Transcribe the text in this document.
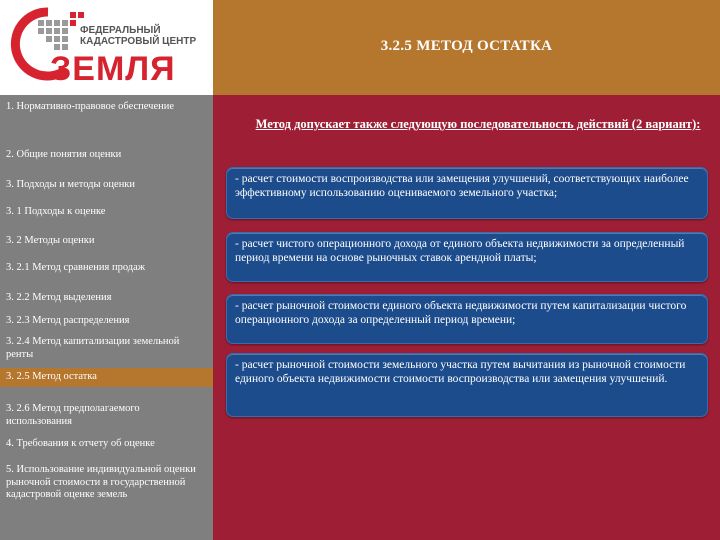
ФЕДЕРАЛЬНЫЙ
КАДАСТРОВЫЙ ЦЕНТР
ЗЕМЛЯ
3.2.5 МЕТОД ОСТАТКА
1. Нормативно-правовое обеспечение
2. Общие понятия оценки
3. Подходы и методы оценки
3. 1 Подходы к оценке
3. 2 Методы оценки
3. 2.1 Метод сравнения продаж
3. 2.2 Метод выделения
3. 2.3 Метод распределения
3. 2.4 Метод капитализации земельной ренты
3. 2.5 Метод остатка
3. 2.6 Метод предполагаемого использования
4. Требования к отчету об оценке
5. Использование индивидуальной оценки рыночной стоимости в государственной кадастровой оценке земель
Метод допускает также следующую последовательность действий (2 вариант):
- расчет стоимости воспроизводства или замещения улучшений, соответствующих наиболее эффективному использованию оцениваемого земельного участка;
- расчет чистого операционного дохода от единого объекта недвижимости за определенный период времени на основе рыночных ставок арендной платы;
- расчет рыночной стоимости единого объекта недвижимости путем капитализации чистого операционного дохода за определенный период времени;
- расчет рыночной стоимости земельного участка путем вычитания из рыночной стоимости единого объекта недвижимости стоимости воспроизводства или замещения улучшений.
